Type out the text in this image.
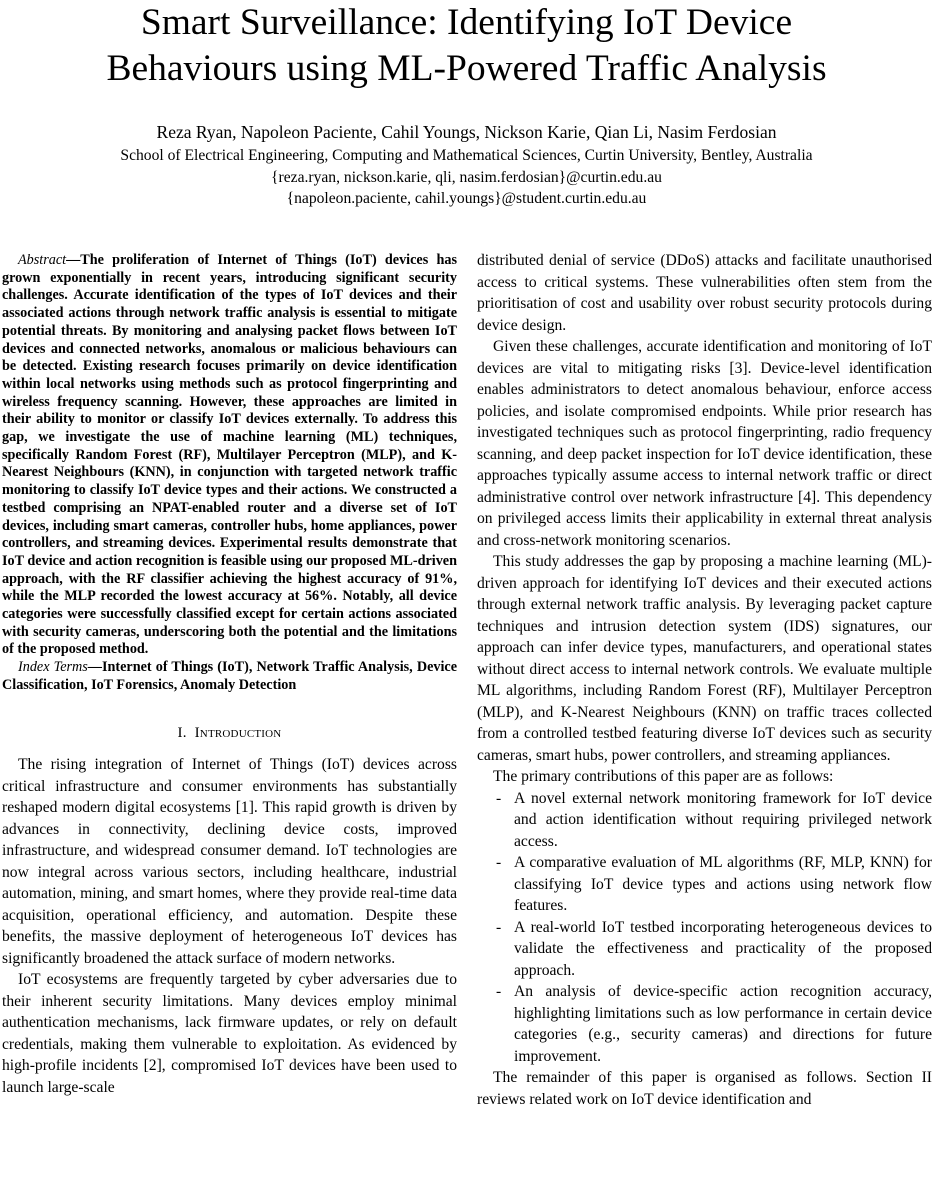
Smart Surveillance: Identifying IoT Device
Behaviours using ML-Powered Traffic Analysis

Reza Ryan, Napoleon Paciente, Cahil Youngs, Nickson Karie, Qian Li, Nasim Ferdosian

School of Electrical Engineering, Computing and Mathematical Sciences, Curtin University, Bentley, Australia
{reza.ryan, nickson.karie, qli, nasim.ferdosian}@curtin.edu.au
{napoleon.paciente, cahil.youngs}@student.curtin.edu.au

Abstract—The proliferation of Internet of Things (IoT) devices has grown exponentially in recent years, introducing significant security challenges. Accurate identification of the types of IoT devices and their associated actions through network traffic analysis is essential to mitigate potential threats. By monitoring and analysing packet flows between IoT devices and connected networks, anomalous or malicious behaviours can be detected. Existing research focuses primarily on device identification within local networks using methods such as protocol fingerprinting and wireless frequency scanning. However, these approaches are limited in their ability to monitor or classify IoT devices externally. To address this gap, we investigate the use of machine learning (ML) techniques, specifically Random Forest (RF), Multilayer Perceptron (MLP), and K-Nearest Neighbours (KNN), in conjunction with targeted network traffic monitoring to classify IoT device types and their actions. We constructed a testbed comprising an NPAT-enabled router and a diverse set of IoT devices, including smart cameras, controller hubs, home appliances, power controllers, and streaming devices. Experimental results demonstrate that IoT device and action recognition is feasible using our proposed ML-driven approach, with the RF classifier achieving the highest accuracy of 91%, while the MLP recorded the lowest accuracy at 56%. Notably, all device categories were successfully classified except for certain actions associated with security cameras, underscoring both the potential and the limitations of the proposed method.

Index Terms—Internet of Things (IoT), Network Traffic Analysis, Device Classification, IoT Forensics, Anomaly Detection

I. Introduction

The rising integration of Internet of Things (IoT) devices across critical infrastructure and consumer environments has substantially reshaped modern digital ecosystems [1]. This rapid growth is driven by advances in connectivity, declining device costs, improved infrastructure, and widespread consumer demand. IoT technologies are now integral across various sectors, including healthcare, industrial automation, mining, and smart homes, where they provide real-time data acquisition, operational efficiency, and automation. Despite these benefits, the massive deployment of heterogeneous IoT devices has significantly broadened the attack surface of modern networks.

IoT ecosystems are frequently targeted by cyber adversaries due to their inherent security limitations. Many devices employ minimal authentication mechanisms, lack firmware updates, or rely on default credentials, making them vulnerable to exploitation. As evidenced by high-profile incidents [2], compromised IoT devices have been used to launch large-scale

distributed denial of service (DDoS) attacks and facilitate unauthorised access to critical systems. These vulnerabilities often stem from the prioritisation of cost and usability over robust security protocols during device design.

Given these challenges, accurate identification and monitoring of IoT devices are vital to mitigating risks [3]. Device-level identification enables administrators to detect anomalous behaviour, enforce access policies, and isolate compromised endpoints. While prior research has investigated techniques such as protocol fingerprinting, radio frequency scanning, and deep packet inspection for IoT device identification, these approaches typically assume access to internal network traffic or direct administrative control over network infrastructure [4]. This dependency on privileged access limits their applicability in external threat analysis and cross-network monitoring scenarios.

This study addresses the gap by proposing a machine learning (ML)-driven approach for identifying IoT devices and their executed actions through external network traffic analysis. By leveraging packet capture techniques and intrusion detection system (IDS) signatures, our approach can infer device types, manufacturers, and operational states without direct access to internal network controls. We evaluate multiple ML algorithms, including Random Forest (RF), Multilayer Perceptron (MLP), and K-Nearest Neighbours (KNN) on traffic traces collected from a controlled testbed featuring diverse IoT devices such as security cameras, smart hubs, power controllers, and streaming appliances.

The primary contributions of this paper are as follows:

- A novel external network monitoring framework for IoT device and action identification without requiring privileged network access.
- A comparative evaluation of ML algorithms (RF, MLP, KNN) for classifying IoT device types and actions using network flow features.
- A real-world IoT testbed incorporating heterogeneous devices to validate the effectiveness and practicality of the proposed approach.
- An analysis of device-specific action recognition accuracy, highlighting limitations such as low performance in certain device categories (e.g., security cameras) and directions for future improvement.

The remainder of this paper is organised as follows. Section II reviews related work on IoT device identification and
